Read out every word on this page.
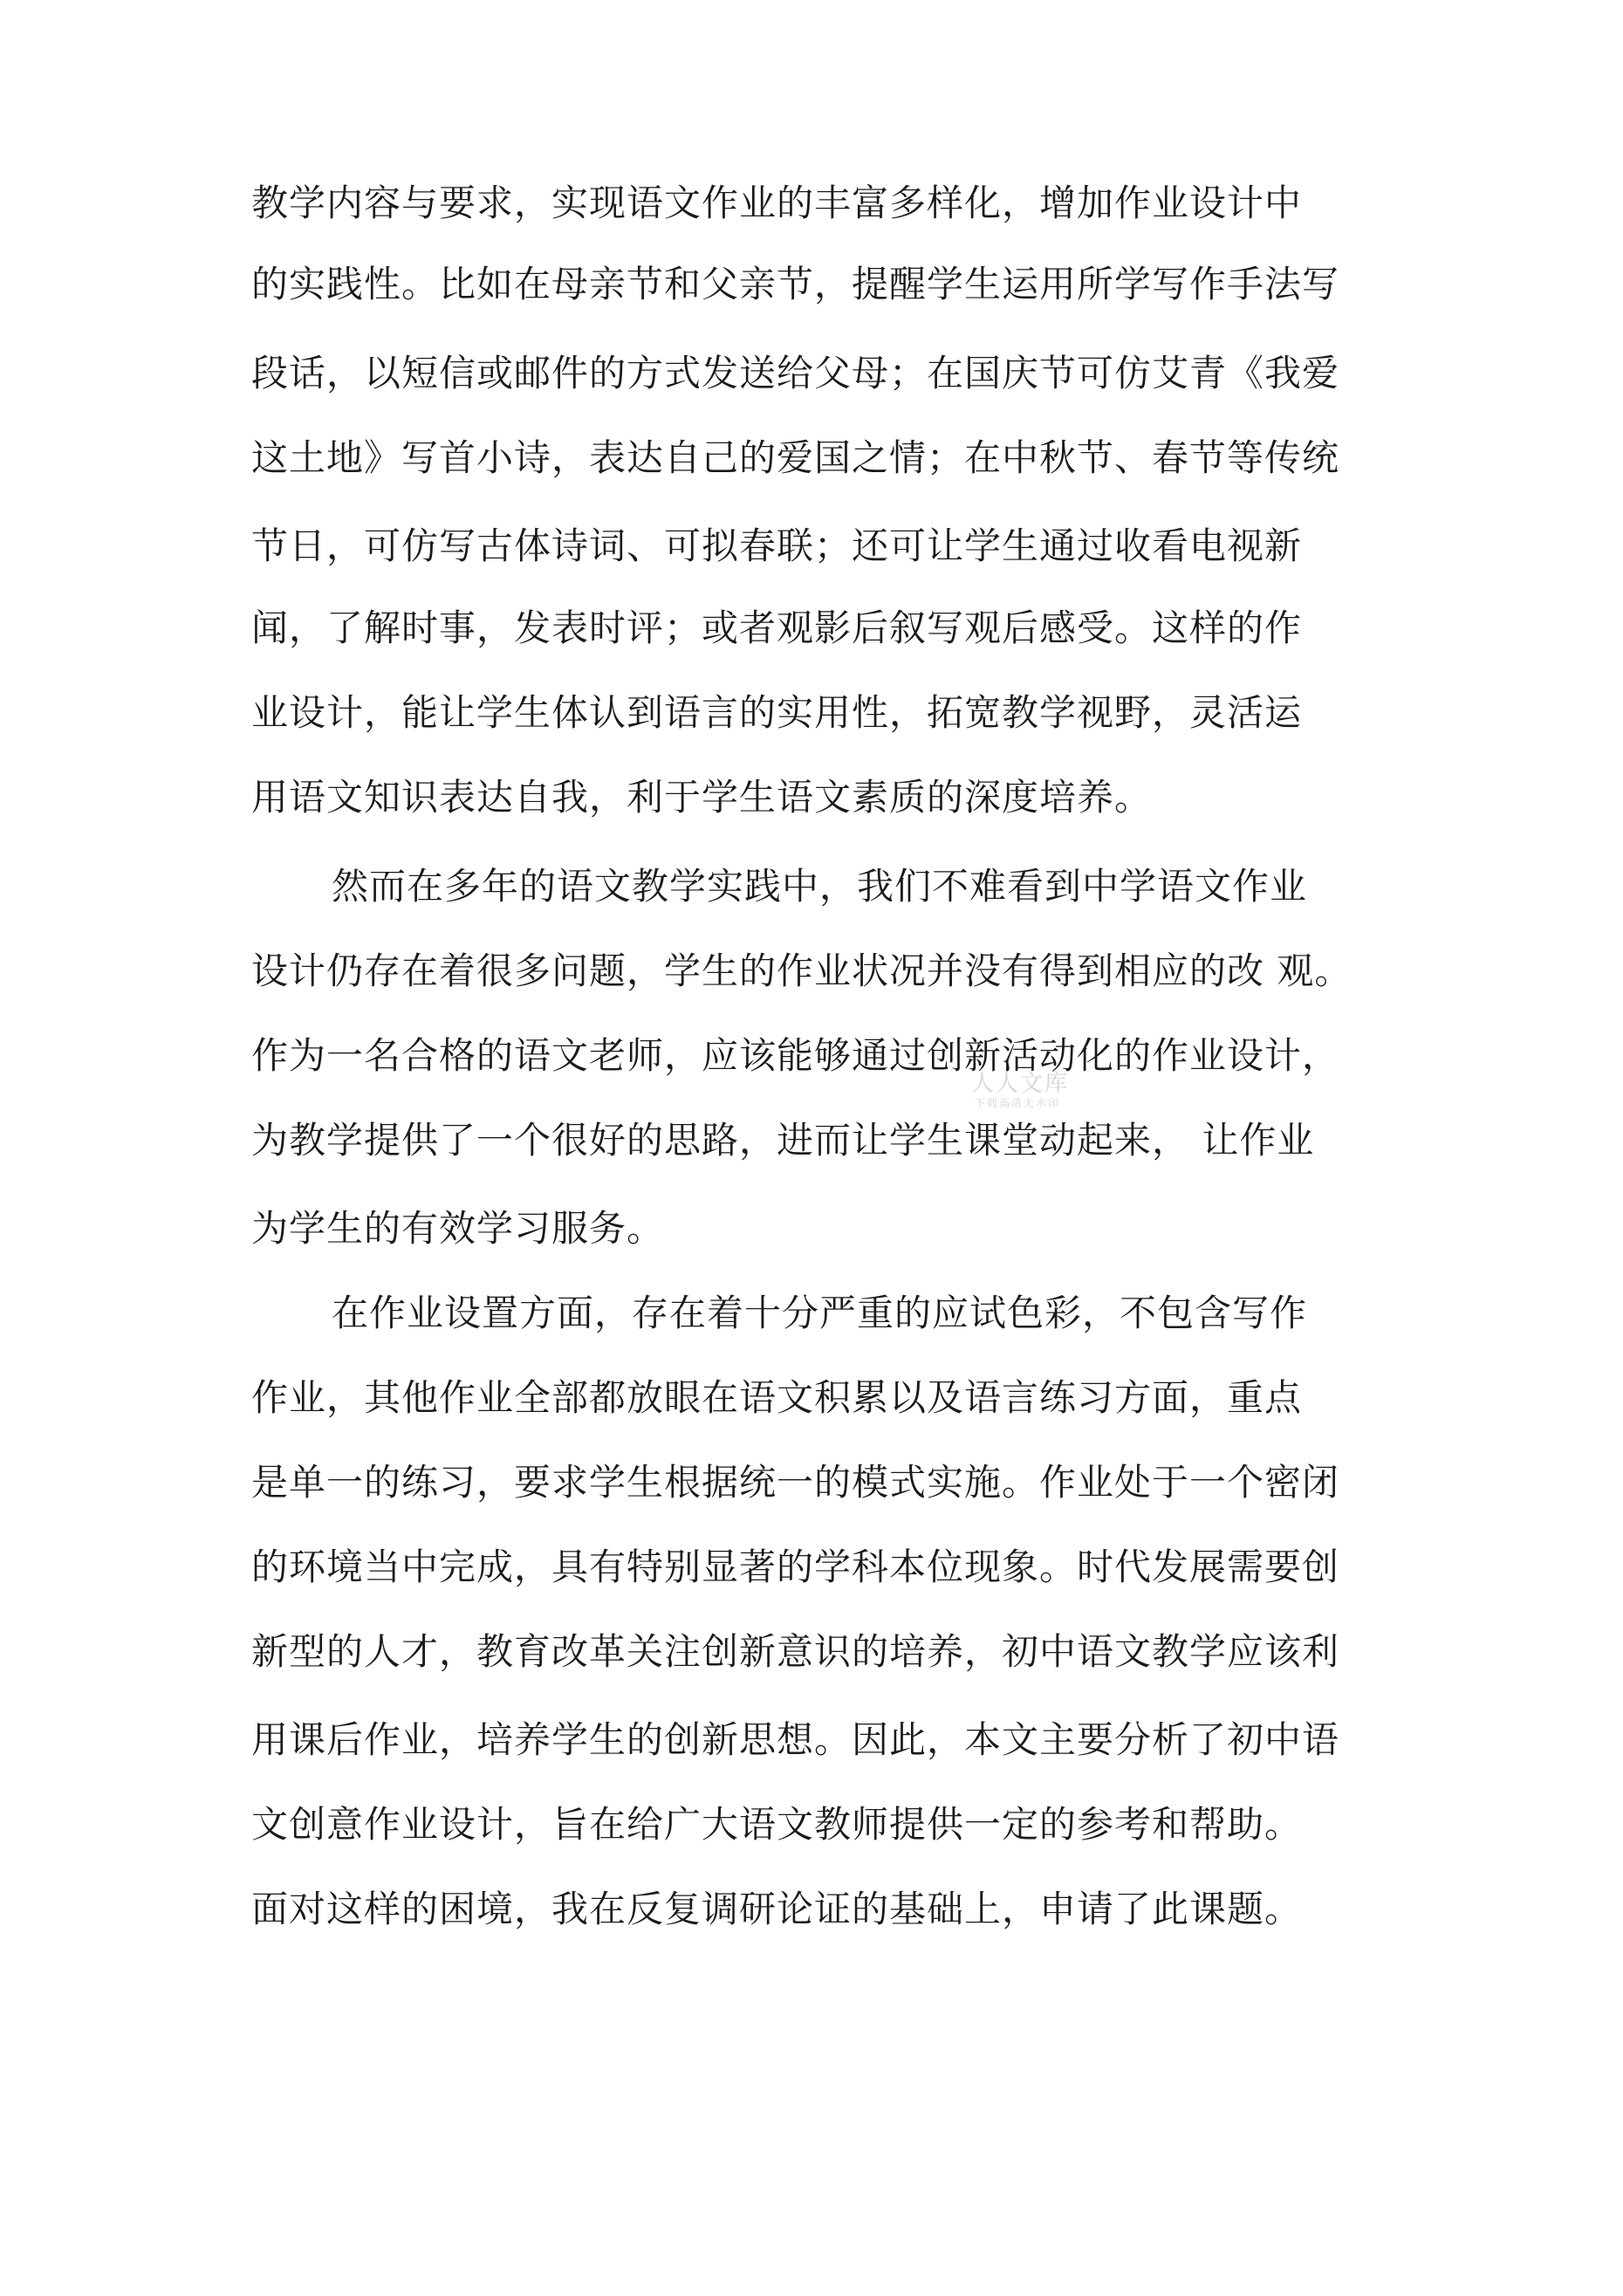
教学内容与要求，实现语文作业的丰富多样化，增加作业设计中

的实践性。比如在母亲节和父亲节，提醒学生运用所学写作手法写

段话，以短信或邮件的方式发送给父母；在国庆节可仿艾青《我爱

这土地》写首小诗，表达自己的爱国之情；在中秋节、春节等传统

节日，可仿写古体诗词、可拟春联；还可让学生通过收看电视新

闻，了解时事，发表时评；或者观影后叙写观后感受。这样的作

业设计，能让学生体认到语言的实用性，拓宽教学视野，灵活运

用语文知识表达自我，利于学生语文素质的深度培养。

然而在多年的语文教学实践中，我们不难看到中学语文作业

设计仍存在着很多问题，学生的作业状况并没有得到相应的改 观。

作为一名合格的语文老师，应该能够通过创新活动化的作业设计，

为教学提供了一个很好的思路，进而让学生课堂动起来， 让作业

为学生的有效学习服务。

在作业设置方面，存在着十分严重的应试色彩，不包含写作

作业，其他作业全部都放眼在语文积累以及语言练习方面，重点

是单一的练习，要求学生根据统一的模式实施。作业处于一个密闭

的环境当中完成，具有特别显著的学科本位现象。时代发展需要创

新型的人才，教育改革关注创新意识的培养，初中语文教学应该利

用课后作业，培养学生的创新思想。因此，本文主要分析了初中语

文创意作业设计，旨在给广大语文教师提供一定的参考和帮助。

面对这样的困境，我在反复调研论证的基础上，申请了此课题。

人人文库
下载高清无水印
